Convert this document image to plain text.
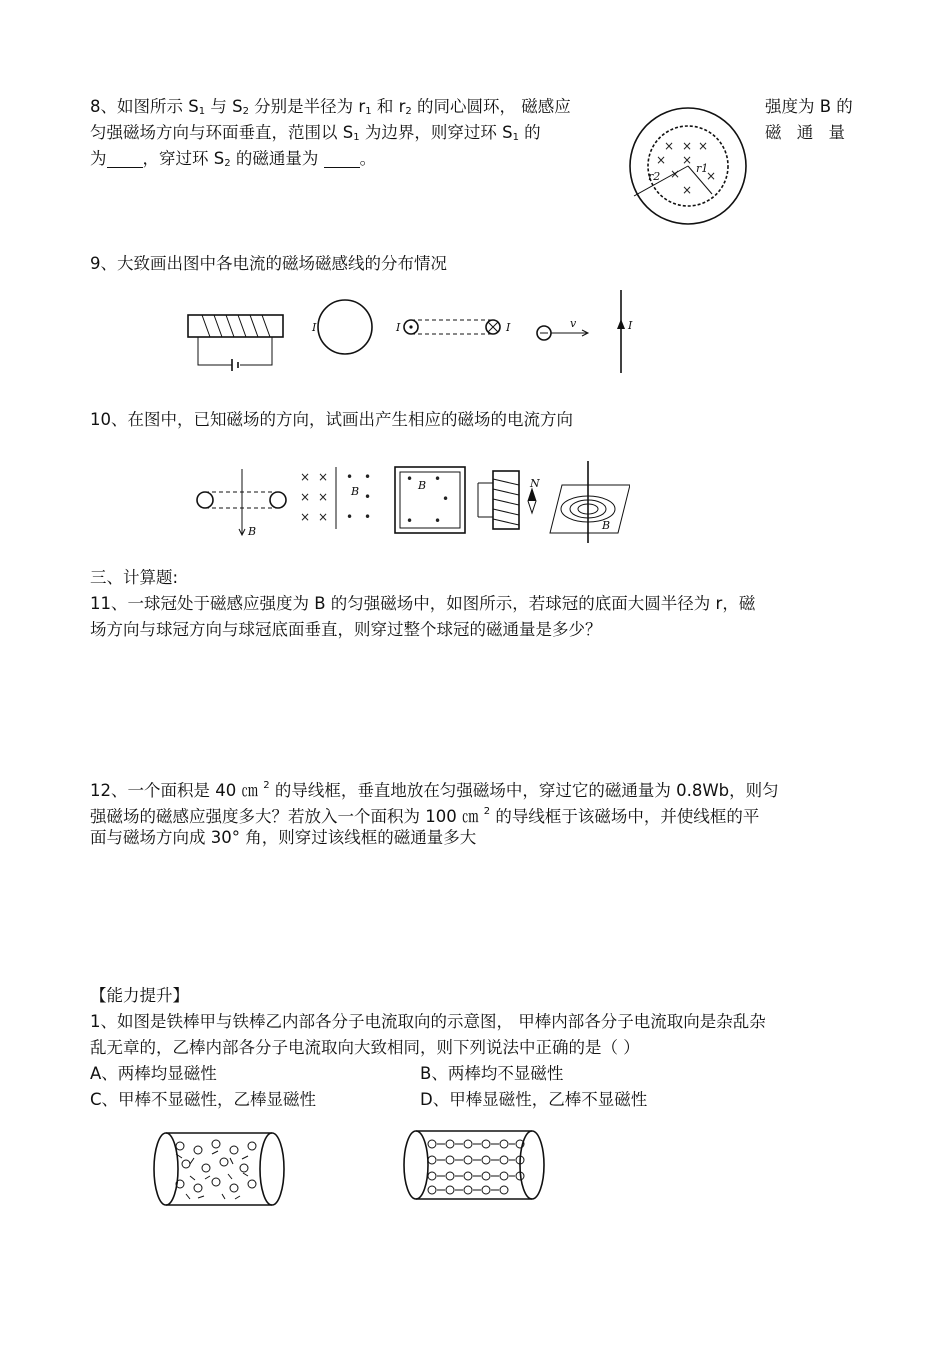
8、如图所示 $S_1$ 与 $S_2$ 分别是半径为 $r_1$ 和 $r_2$ 的同心圆环， 磁感应	强度为 B 的
匀强磁场方向与环面垂直，范围以 $S_1$ 为边界，则穿过环 $S_1$ 的	磁 通 量
为 ，穿过环 $S_2$ 的磁通量为 。
× × ×
× ×
× ×
×
r1
r2
9、大致画出图中各电流的磁场磁感线的分布情况
I	I	I	v	I
10、在图中，已知磁场的方向，试画出产生相应的磁场的电流方向
B
× ×
× ×
× ×
• •
•
• •
B
• •
• •
•
B	N
B
三、计算题:
11、一球冠处于磁感应强度为 B 的匀强磁场中，如图所示，若球冠的底面大圆半径为 r，磁
场方向与球冠方向与球冠底面垂直，则穿过整个球冠的磁通量是多少？
12、一个面积是 40 ㎝ $^2$ 的导线框，垂直地放在匀强磁场中，穿过它的磁通量为 0.8Wb，则匀
强磁场的磁感应强度多大？若放入一个面积为 100 ㎝ $^2$ 的导线框于该磁场中，并使线框的平
面与磁场方向成 30° 角，则穿过该线框的磁通量多大
【能力提升】
1、如图是铁棒甲与铁棒乙内部各分子电流取向的示意图， 甲棒内部各分子电流取向是杂乱杂
乱无章的，乙棒内部各分子电流取向大致相同，则下列说法中正确的是（ ）
A、两棒均显磁性	B、两棒均不显磁性
C、甲棒不显磁性，乙棒显磁性	D、甲棒显磁性，乙棒不显磁性
